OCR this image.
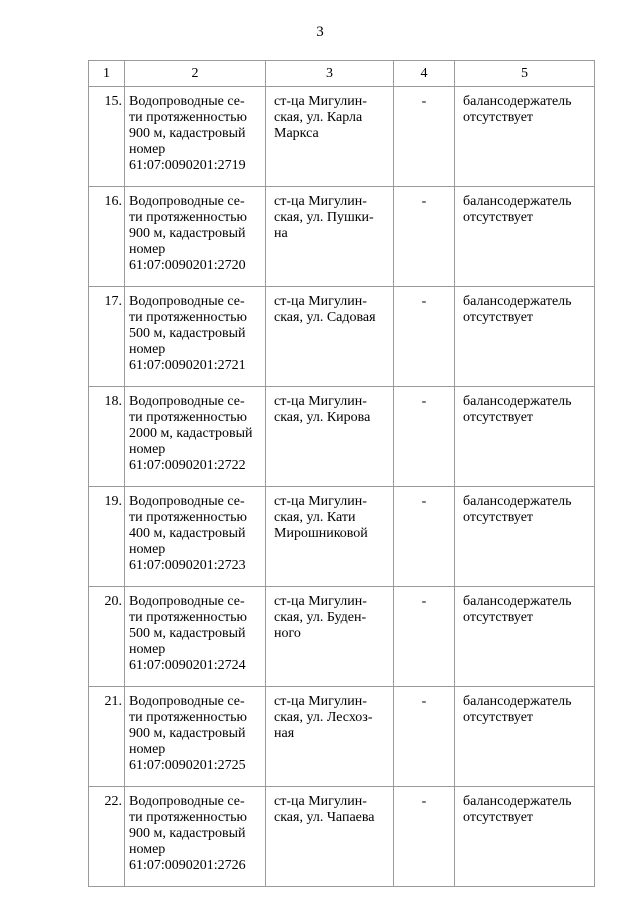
3
1	2	3	4	5
15.	Водопроводные се-
ти протяженностью
900 м, кадастровый
номер
61:07:0090201:2719	ст-ца Мигулин-
ская, ул. Карла
Маркса	-	балансодержатель
отсутствует
16.	Водопроводные се-
ти протяженностью
900 м, кадастровый
номер
61:07:0090201:2720	ст-ца Мигулин-
ская, ул. Пушки-
на	-	балансодержатель
отсутствует
17.	Водопроводные се-
ти протяженностью
500 м, кадастровый
номер
61:07:0090201:2721	ст-ца Мигулин-
ская, ул. Садовая	-	балансодержатель
отсутствует
18.	Водопроводные се-
ти протяженностью
2000 м, кадастровый
номер
61:07:0090201:2722	ст-ца Мигулин-
ская, ул. Кирова	-	балансодержатель
отсутствует
19.	Водопроводные се-
ти протяженностью
400 м, кадастровый
номер
61:07:0090201:2723	ст-ца Мигулин-
ская, ул. Кати
Мирошниковой	-	балансодержатель
отсутствует
20.	Водопроводные се-
ти протяженностью
500 м, кадастровый
номер
61:07:0090201:2724	ст-ца Мигулин-
ская, ул. Буден-
ного	-	балансодержатель
отсутствует
21.	Водопроводные се-
ти протяженностью
900 м, кадастровый
номер
61:07:0090201:2725	ст-ца Мигулин-
ская, ул. Лесхоз-
ная	-	балансодержатель
отсутствует
22.	Водопроводные се-
ти протяженностью
900 м, кадастровый
номер
61:07:0090201:2726	ст-ца Мигулин-
ская, ул. Чапаева	-	балансодержатель
отсутствует
